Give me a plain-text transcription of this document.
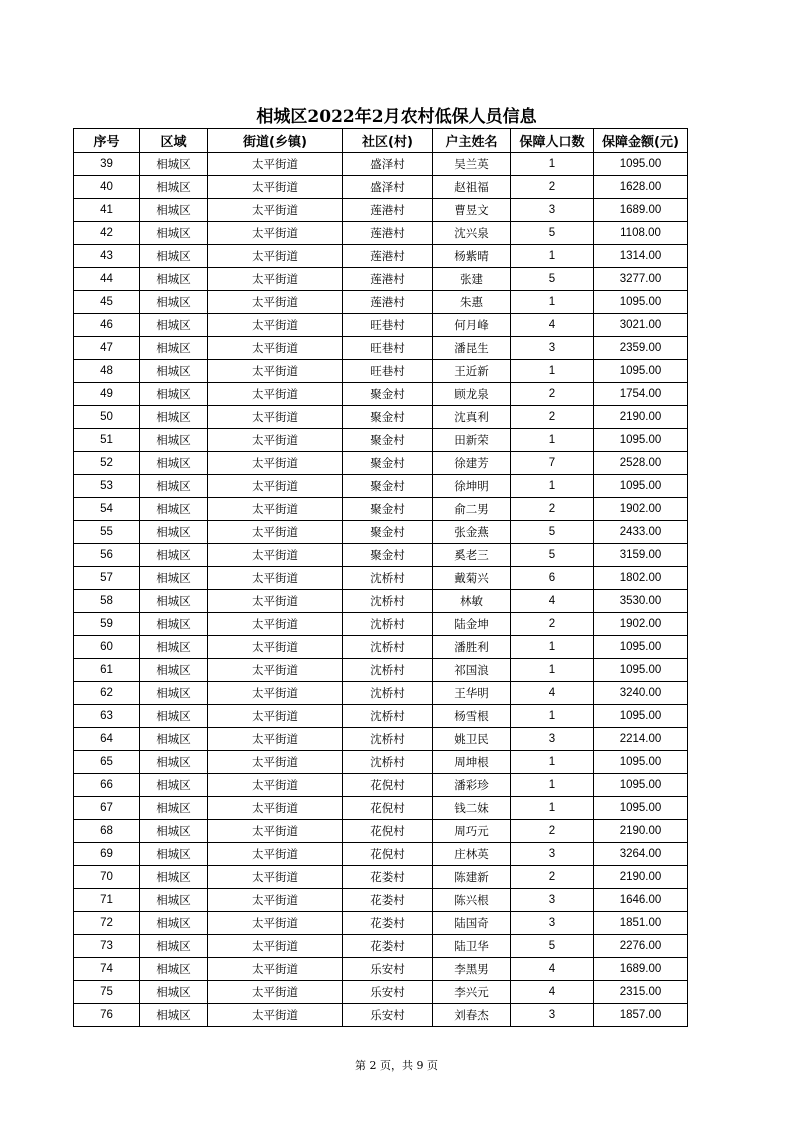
相城区2022年2月农村低保人员信息
序号	区域	街道(乡镇)	社区(村)	户主姓名	保障人口数	保障金额(元)
39	相城区	太平街道	盛泽村	吴兰英	1	1095.00
40	相城区	太平街道	盛泽村	赵祖福	2	1628.00
41	相城区	太平街道	莲港村	曹昱文	3	1689.00
42	相城区	太平街道	莲港村	沈兴泉	5	1108.00
43	相城区	太平街道	莲港村	杨紫晴	1	1314.00
44	相城区	太平街道	莲港村	张建	5	3277.00
45	相城区	太平街道	莲港村	朱惠	1	1095.00
46	相城区	太平街道	旺巷村	何月峰	4	3021.00
47	相城区	太平街道	旺巷村	潘昆生	3	2359.00
48	相城区	太平街道	旺巷村	王近新	1	1095.00
49	相城区	太平街道	聚金村	顾龙泉	2	1754.00
50	相城区	太平街道	聚金村	沈真利	2	2190.00
51	相城区	太平街道	聚金村	田新荣	1	1095.00
52	相城区	太平街道	聚金村	徐建芳	7	2528.00
53	相城区	太平街道	聚金村	徐坤明	1	1095.00
54	相城区	太平街道	聚金村	俞二男	2	1902.00
55	相城区	太平街道	聚金村	张金燕	5	2433.00
56	相城区	太平街道	聚金村	奚老三	5	3159.00
57	相城区	太平街道	沈桥村	戴菊兴	6	1802.00
58	相城区	太平街道	沈桥村	林敏	4	3530.00
59	相城区	太平街道	沈桥村	陆金坤	2	1902.00
60	相城区	太平街道	沈桥村	潘胜利	1	1095.00
61	相城区	太平街道	沈桥村	祁国浪	1	1095.00
62	相城区	太平街道	沈桥村	王华明	4	3240.00
63	相城区	太平街道	沈桥村	杨雪根	1	1095.00
64	相城区	太平街道	沈桥村	姚卫民	3	2214.00
65	相城区	太平街道	沈桥村	周坤根	1	1095.00
66	相城区	太平街道	花倪村	潘彩珍	1	1095.00
67	相城区	太平街道	花倪村	钱二妹	1	1095.00
68	相城区	太平街道	花倪村	周巧元	2	2190.00
69	相城区	太平街道	花倪村	庄林英	3	3264.00
70	相城区	太平街道	花娄村	陈建新	2	2190.00
71	相城区	太平街道	花娄村	陈兴根	3	1646.00
72	相城区	太平街道	花娄村	陆国奇	3	1851.00
73	相城区	太平街道	花娄村	陆卫华	5	2276.00
74	相城区	太平街道	乐安村	李黑男	4	1689.00
75	相城区	太平街道	乐安村	李兴元	4	2315.00
76	相城区	太平街道	乐安村	刘春杰	3	1857.00
第 2 页，共 9 页
